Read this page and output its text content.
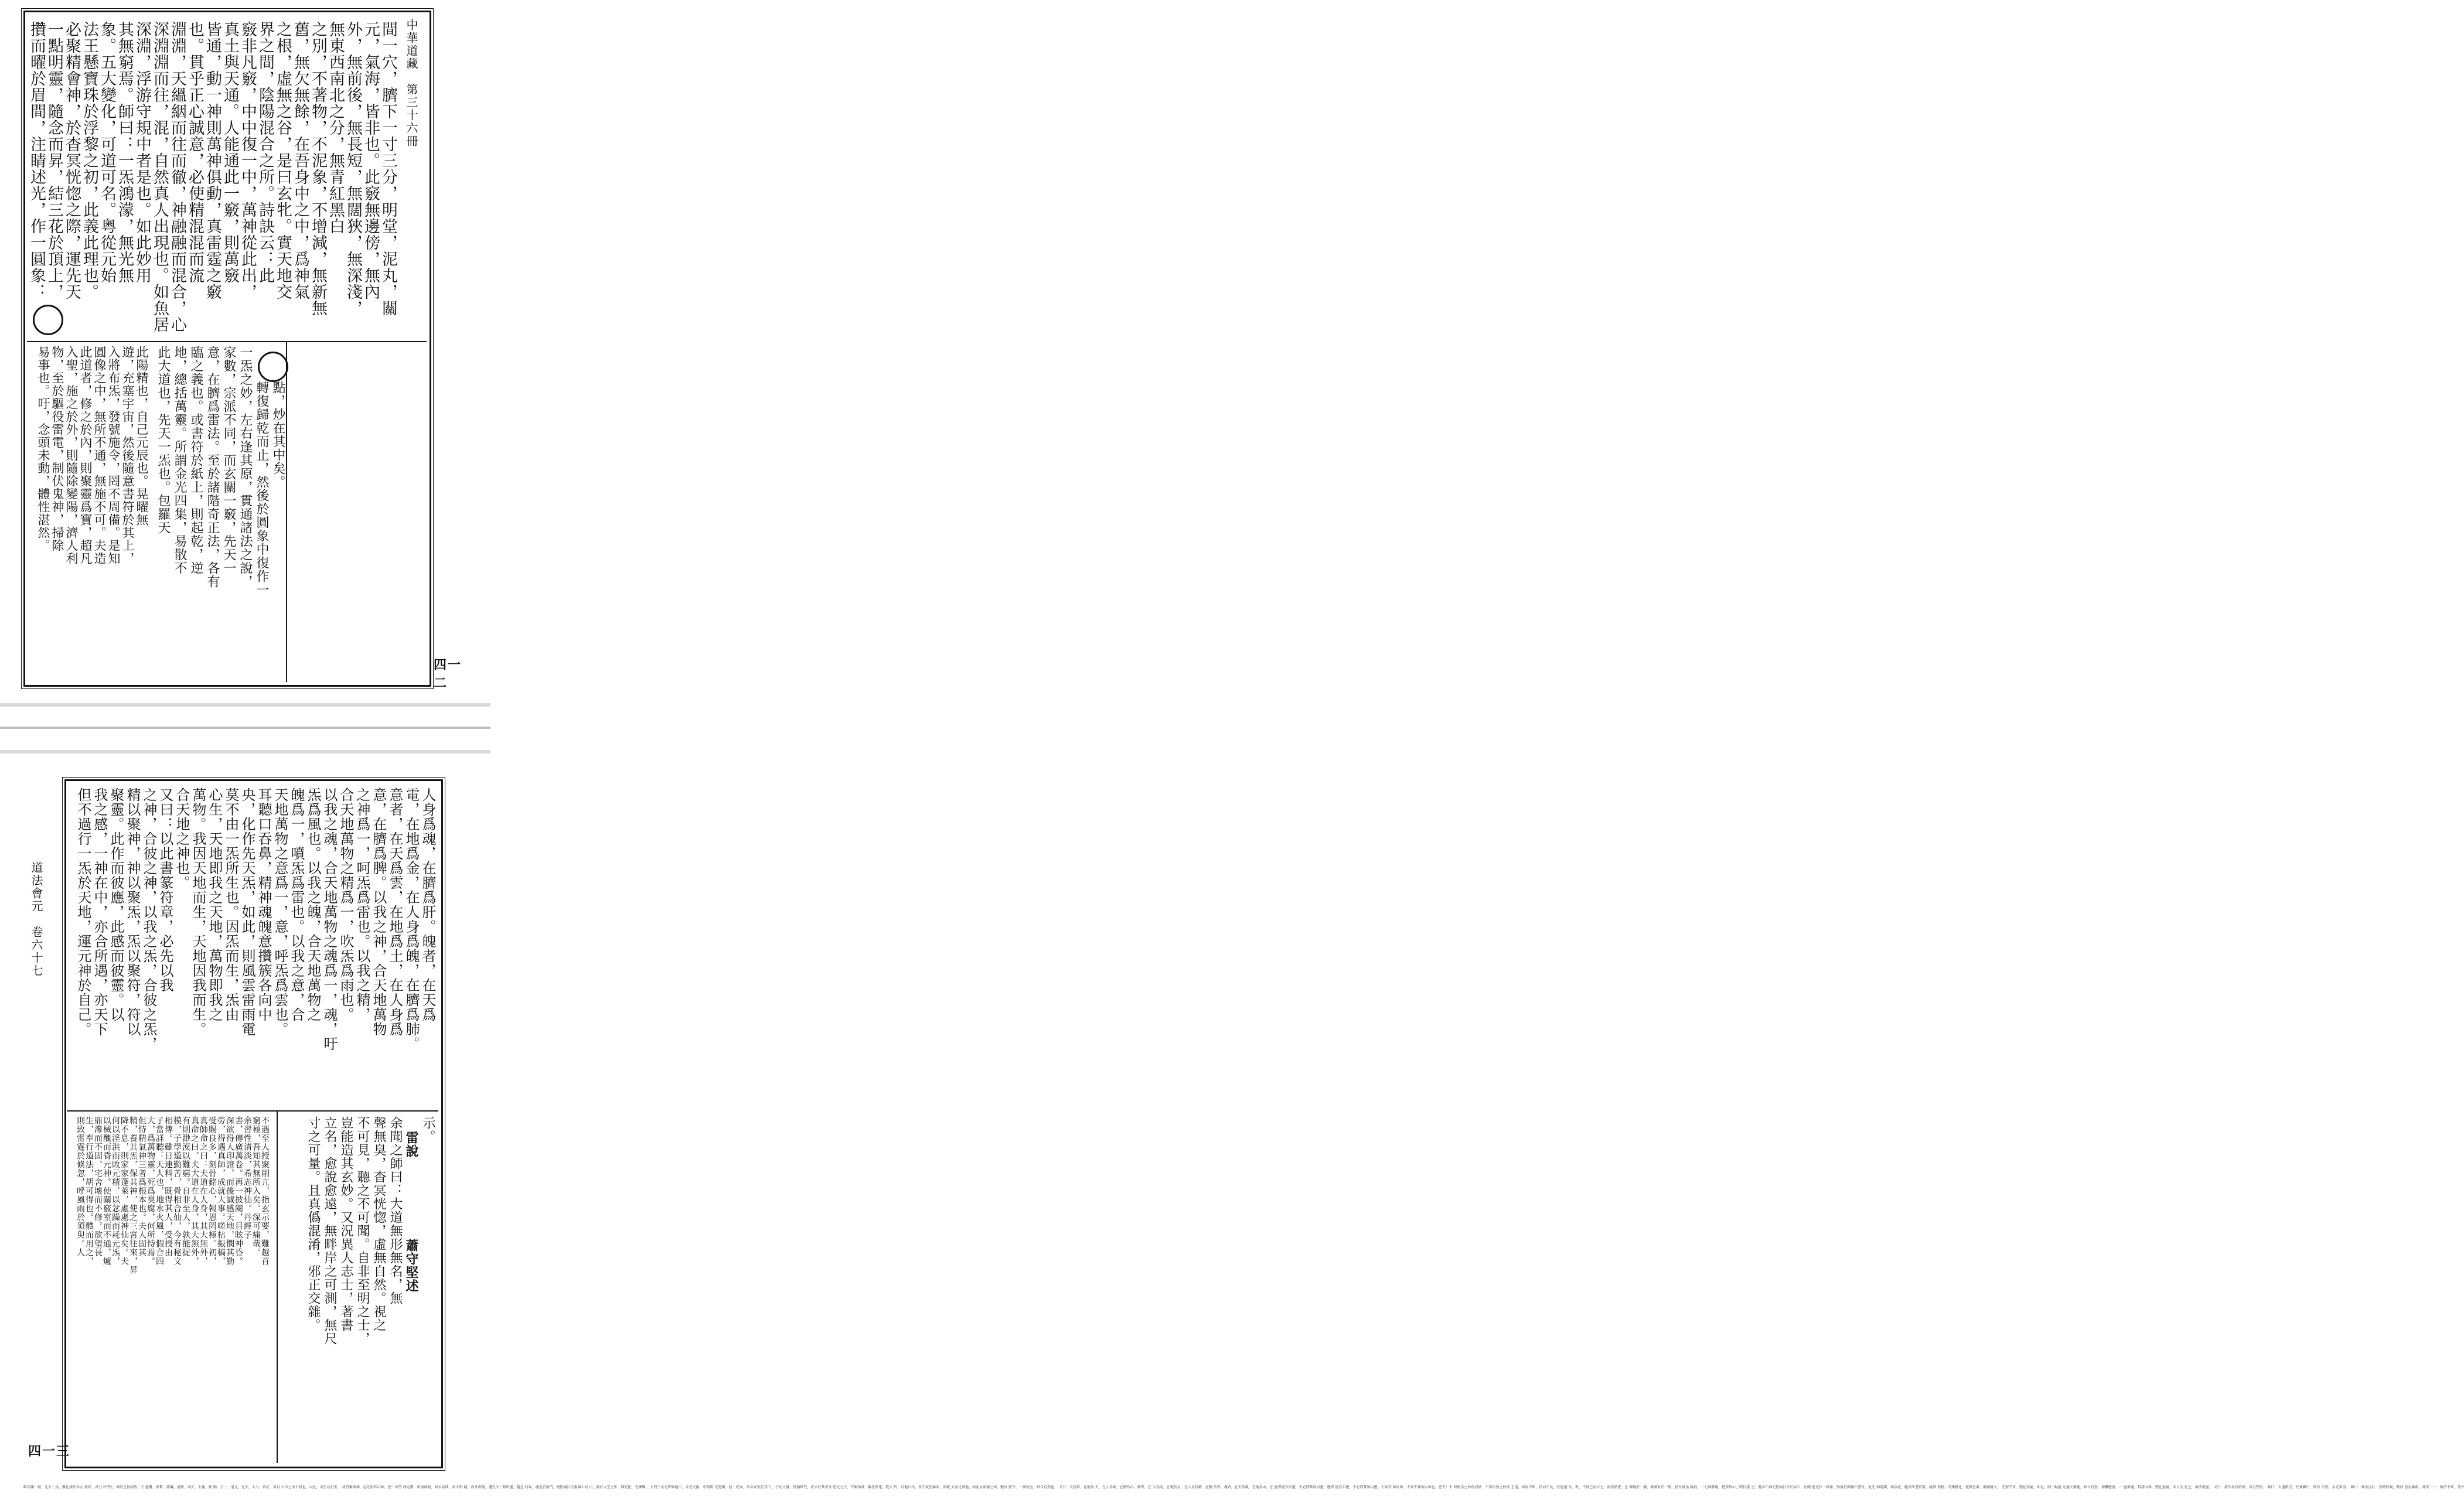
中華道藏　第三十六冊
四一二
間一穴，臍下一寸三分，明堂，泥丸，關
元，氣海，皆非也。此竅無邊傍，無內
外，無前後，無長短，無闊狹，無深淺，
無東西南北之分，無青紅黑白
之別，不著物，不泥象，不增減，無新無
舊，無欠無餘，在吾身中之中，爲神氣
之根，虛無之谷，是曰玄牝。實天地交
界之間，陰陽混合之所。詩訣云：此
竅非凡竅，中中復一中，萬神從此出，
真土與天通。人能通此一竅，則萬竅
皆通，動一神則萬神俱動，真雷霆之竅
也。貫乎正心誠意，必使精混混而流
淵淵，天縕絪而往而徹，神融融而混合，心
深淵淵而往，混，自然真人出現也。如魚居
深淵，浮游守規中者是也。如此妙用
其無窮焉。師曰：一炁鴻濛，無光無
象。五大變化，可道可名。粵從元始
法王懸寶珠於浮黎之初，此義此理也。
必聚精會神，於杳冥恍惚之際，運先天
一點明靈，隨念而昇，結三花於頂上，
攢而曜於眉間，注睛述光，作一圓象：
點，炒在其中矣。
轉復歸乾而止，然後於圓象中復作一
一炁之妙，左右逢其原，貫通諸法之說，
家數，宗派不同，而玄關一竅，先天一
意，在臍爲雷法。至於諸階奇正法，各有
臨之義也。或書符於紙上，則起乾，逆
地，總括萬靈。所謂金光四集，易散不
此大道也，先天一炁也。包羅天
此陽精也，自己元辰也。晃曜無
遊，充塞宇宙，然後隨意書符於其上，
入將布炁，發號施令，罔不周備。是知
圓像之中，無所不通，無施不可。夫造
此道者，修之於內，則聚靈爲寶，超凡
入聖，施之於外，則隨除變陽，濟人利
物，至於驅役雷電，制伏鬼神，掃除
易事也。吁，念頭未動，體性湛然。
道法會元　卷六十七
四一三
人身爲魂，在臍爲肝。魄者，在天爲
電，在地爲金，在人身爲魄，在臍爲肺。
意者，在天爲雲，在地爲土，在人身爲
意，在臍爲脾。以我之神，合天地萬物
之神爲一，呵炁爲雷也。以我之精，
合天地萬物之精爲一，吹炁爲雨也。
以我之魂，合天地萬物之魂爲一，魂，吁
炁爲風也。以我之魄，合天地萬物之
魄爲一，噴炁爲雷也。以我之意，合
天地萬物之意爲一，意，呼炁爲雲也。
耳聽口吞鼻，精神魂魄意攢簇各向中
央，化作先天炁，如此，則風雲雷雨電
莫不由一炁所生也。因炁而生，炁由
心生，天地即我之天地，萬物即我之
萬物。我因天地而生，天地因我而生。
合天地之神也。
又曰：以此書篆符章，必先以我
之神，合彼之神，以我之炁，合彼之炁，
精以聚神，神以聚炁，炁以聚符，符以
聚靈。此作而彼應，此感而彼靈。以
我之感，一神在中，亦合所遇，亦天下
但不過行一炁於天地，運元神於自己。
示。
雷說　　　　　　蕭守堅述
余聞之師曰：大道無形無名，無
聲無臭，杳冥恍惚，虛無自然。視之
不可見，聽之不可聞。自非至明之士，
豈能造其玄妙。又況異人志士，著書
立名，愈說愈遠，無畔岸之可測，無尺
寸之可量。且真僞混淆，邪正交雜。
不遇至人授聚削亢，指玄示要，難越首
窮極，吾知其無所入矣。深可痛哉。
余習性清淡，希志神仙。丹經子
書，傳廣萬卷。再一披閱，目眩神昏。
深欲得人印證，而後誠感天地，憫其勤
勞，得遇真師，成就大事。嗟枯振槁，
受賜良多，刻骨銘心，報恩罔極。初，
真師命之曰：夫道在人身，其大無外，
真命之曰，夫大道在人身，其大無外，
有則渺漠以難窮。自非至人，孰能捉
模，子學道勤苦，骨相合仙，今有秘文
相傳。雖日連科，既得其人，受授由
子當詳聽：天人也，地水火風，假合四
大，爲萬物靈，死爲臭腐，何所恃焉。
但恃精氣神三者爲根本也。夫人固其
精，養其炁，保其神，使之三宮往來，昇
降不息，則家家蓬萊，處處神仙矣。夫
何以淫洪而敗元精，以忿躁而耗元炁，
以械醜而昏元神。使關竅室而不通，爐
鼎滲而不固，宅舍壞而不修。欲望長
生，奉行道法，胡可得也。體而用之，
則致雷霆於倏忽，呼風雨於須臾。人
唯玄關一竅，先天一炁，難比諸法各言 派頭，各分立門徑，界限之拘拘然。夫 靈寶，神霄，璇璣，清微，洞玄，太極，斬 勘，正一，混元，先天，大小，雷法，名目 古今之所不易也。以此，或行功打坐， 或召集萬神，必先澄其心神，使一身瑩 淨光潔，如琉璃瓶，如水晶珠，如大明 鏡，內外虛徹，運先天一點明靈，隨念 而昇，纔至於頂門，便從兩目交視圓心而 出，散於太空之中，圓陀陀，光爍爍。 天門下金光降集地戶，金光交接，中間雷 光電耀，混一成真。吾身或坐於其中， 行功入靜，持誦經咒，或立於其中爲 造化之主，召集萬神，驅役雷電。從天 降，自地戶出，莫不威光赫奕，頭載 天而足踏地。如此大威德之神，聽吾 號令，一如所至，妙合自然也。 又曰：天爲雷，在地爲 火，在人爲神，在臍爲心。精者，在 天爲雨，在地爲水，在人身爲精，在臍 爲腎。魂者，在天爲風，在地爲木，在 靈者從其自靈，不必問其所以靈，應者 從其自應，不必問其所以應。人知其 神而神，不知不神所以神也。悲夫！不 知無爲之妙爲真妙，不知自然之妙爲 上道。知而不明，信而不及，於道遠 矣。吁，不得已而言之。澄澄湛湛，息 擊動於一靜，歛萬有於一無，使吾神炁 歸海，一元神發現，握拳對心，瞪目視 之，運身中神光從兩目合於眉心，注睛 進光作一圓像，然後於圓像中書符。此光 如電耀，如金蛇，隨吾所書符篆，繞筆 飛動，閃爍變化，從微至著，漸漸廣大， 充塞宇宙，變化莫窮。如是，則一點靈 光通天徹地，妙合自然。神機應會，一 靈萬通，貫諸內秘，變化無窮。非人勿 化之，萬法俱靈。 又曰：諸法各有派頭，各分門徑。 師曰：大道根宗，允執厥中，妙有 自然，金光萬重。 師曰：神全炁壯，真精妙凝，點而 意炁蘊萌，神當一一。萬法千經，莫外
